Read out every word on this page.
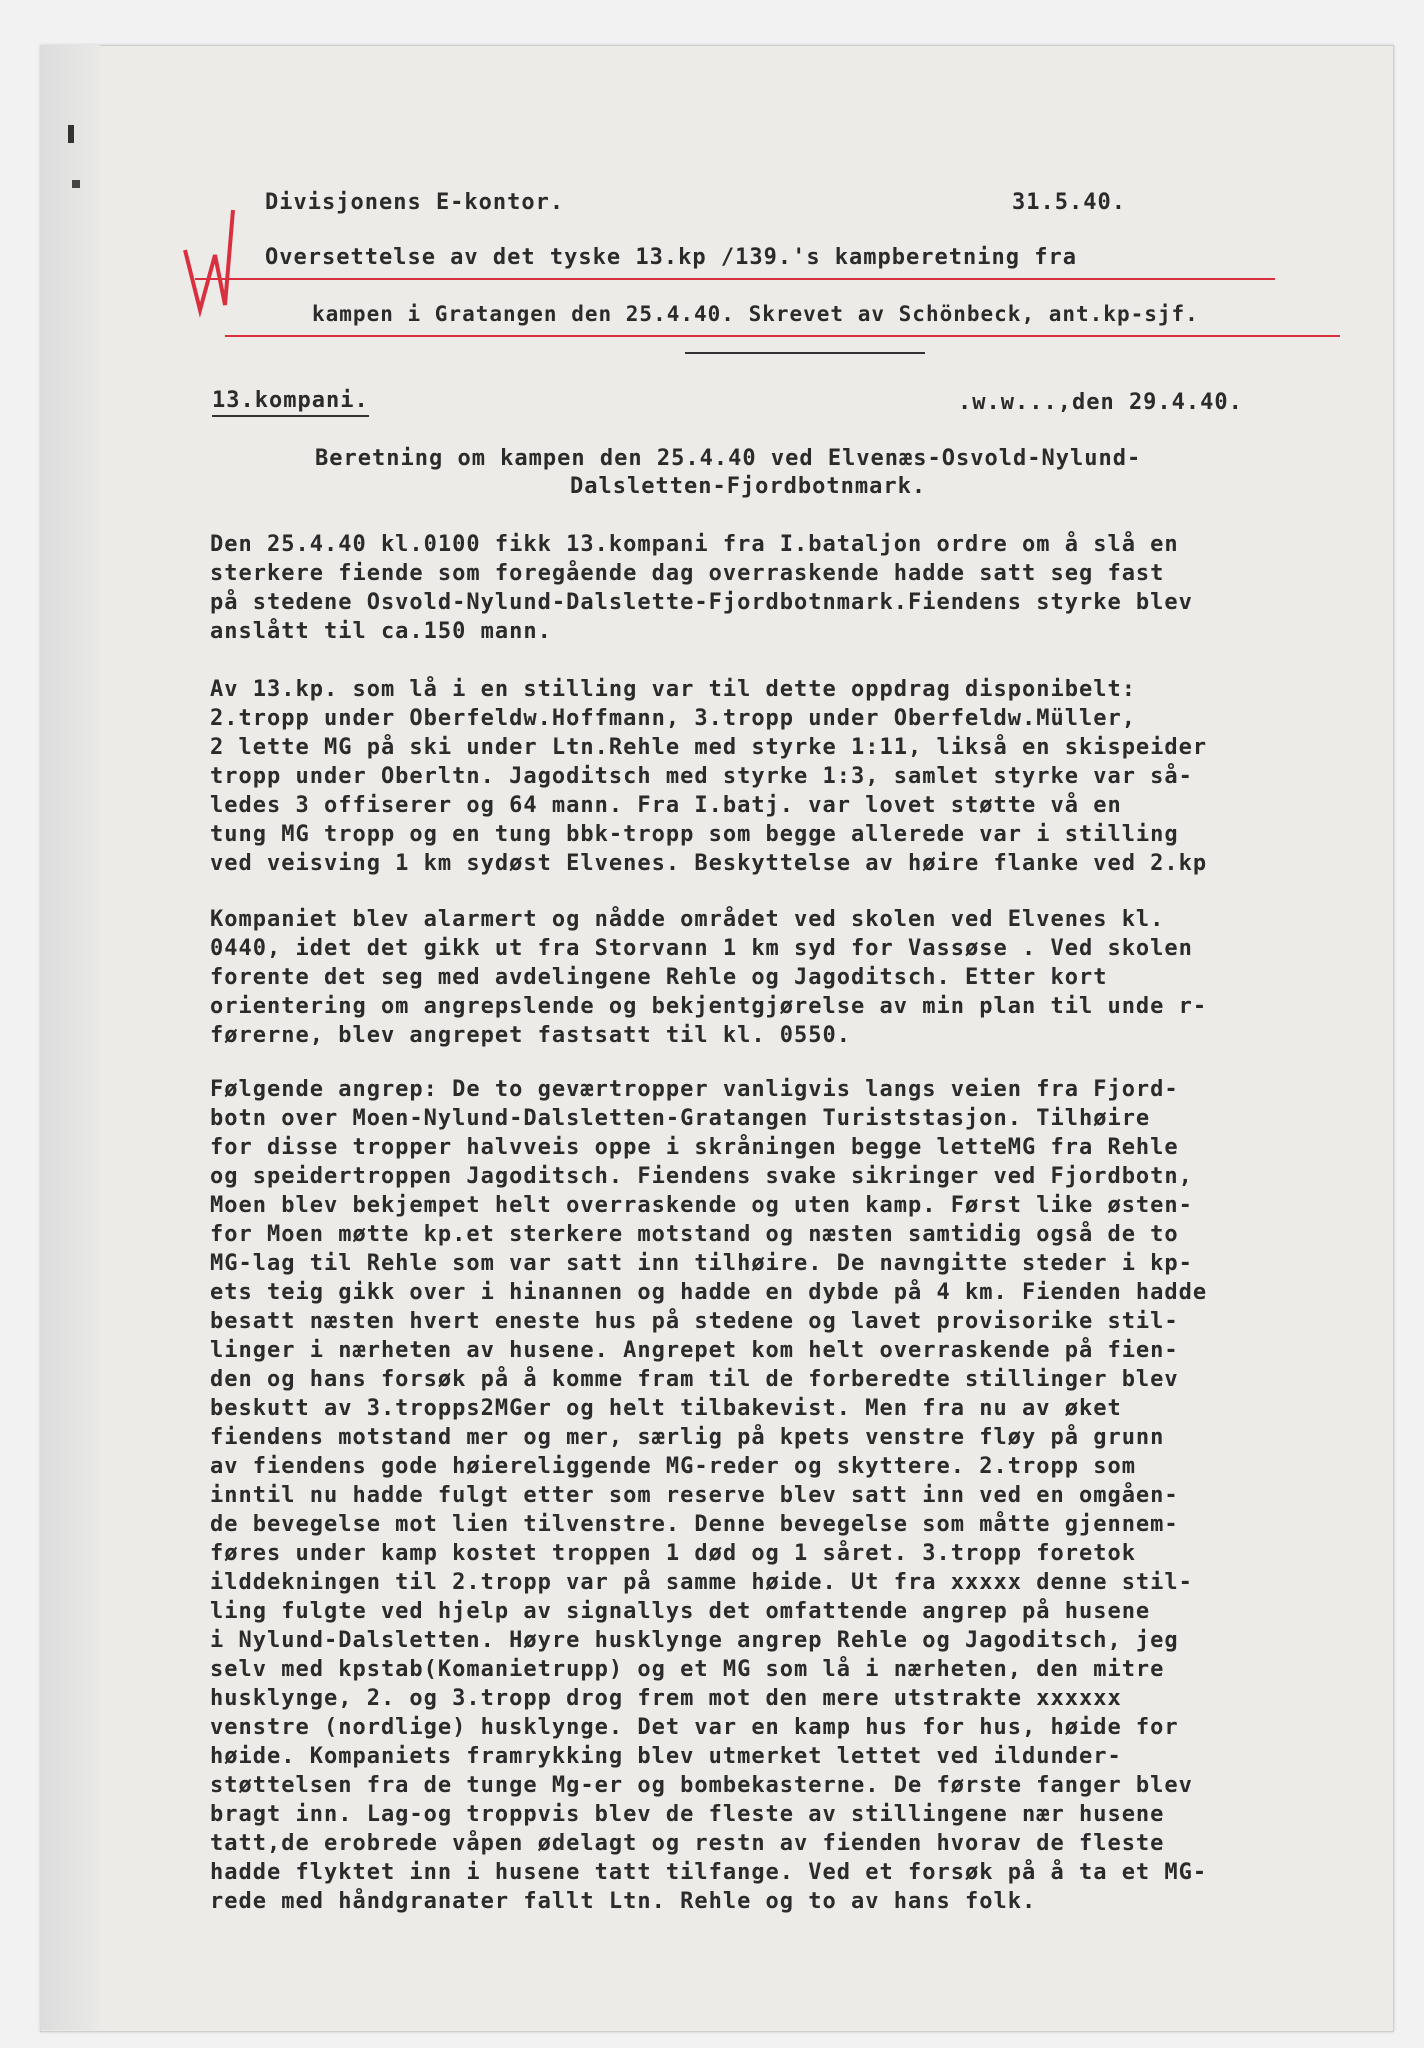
Divisjonens E-kontor.	31.5.40.
Oversettelse av det tyske 13.kp /139.'s kampberetning fra
kampen i Gratangen den 25.4.40. Skrevet av Schönbeck, ant.kp-sjf.
13.kompani.	.w.w...,den 29.4.40.
Beretning om kampen den 25.4.40 ved Elvenæs-Osvold-Nylund-
Dalsletten-Fjordbotnmark.

Den 25.4.40 kl.0100 fikk 13.kompani fra I.bataljon ordre om å slå en

sterkere fiende som foregående dag overraskende hadde satt seg fast

på stedene Osvold-Nylund-Dalslette-Fjordbotnmark.Fiendens styrke blev

anslått til ca.150 mann.

Av 13.kp. som lå i en stilling var til dette oppdrag disponibelt:

2.tropp under Oberfeldw.Hoffmann, 3.tropp under Oberfeldw.Müller,

2 lette MG på ski under Ltn.Rehle med styrke 1:11, likså en skispeider

tropp under Oberltn. Jagoditsch med styrke 1:3, samlet styrke var så-

ledes 3 offiserer og 64 mann. Fra I.batj. var lovet støtte vå en

tung MG tropp og en tung bbk-tropp som begge allerede var i stilling

ved veisving 1 km sydøst Elvenes. Beskyttelse av høire flanke ved 2.kp

Kompaniet blev alarmert og nådde området ved skolen ved Elvenes kl.

0440, idet det gikk ut fra Storvann 1 km syd for Vassøse . Ved skolen

forente det seg med avdelingene Rehle og Jagoditsch. Etter kort

orientering om angrepslende og bekjentgjørelse av min plan til unde r-

førerne, blev angrepet fastsatt til kl. 0550.

Følgende angrep: De to geværtropper vanligvis langs veien fra Fjord-

botn over Moen-Nylund-Dalsletten-Gratangen Turiststasjon. Tilhøire

for disse tropper halvveis oppe i skråningen begge letteMG fra Rehle

og speidertroppen Jagoditsch. Fiendens svake sikringer ved Fjordbotn,

Moen blev bekjempet helt overraskende og uten kamp. Først like østen-

for Moen møtte kp.et sterkere motstand og næsten samtidig også de to

MG-lag til Rehle som var satt inn tilhøire. De navngitte steder i kp-

ets teig gikk over i hinannen og hadde en dybde på 4 km. Fienden hadde

besatt næsten hvert eneste hus på stedene og lavet provisorike stil-

linger i nærheten av husene. Angrepet kom helt overraskende på fien-

den og hans forsøk på å komme fram til de forberedte stillinger blev

beskutt av 3.tropps2MGer og helt tilbakevist. Men fra nu av øket

fiendens motstand mer og mer, særlig på kpets venstre fløy på grunn

av fiendens gode høiereliggende MG-reder og skyttere. 2.tropp som

inntil nu hadde fulgt etter som reserve blev satt inn ved en omgåen-

de bevegelse mot lien tilvenstre. Denne bevegelse som måtte gjennem-

føres under kamp kostet troppen 1 død og 1 såret. 3.tropp foretok

ilddekningen til 2.tropp var på samme høide. Ut fra xxxxx denne stil-

ling fulgte ved hjelp av signallys det omfattende angrep på husene

i Nylund-Dalsletten. Høyre husklynge angrep Rehle og Jagoditsch, jeg

selv med kpstab(Komanietrupp) og et MG som lå i nærheten, den mitre

husklynge, 2. og 3.tropp drog frem mot den mere utstrakte xxxxxx

venstre (nordlige) husklynge. Det var en kamp hus for hus, høide for

høide. Kompaniets framrykking blev utmerket lettet ved ildunder-

støttelsen fra de tunge Mg-er og bombekasterne. De første fanger blev

bragt inn. Lag-og troppvis blev de fleste av stillingene nær husene

tatt,de erobrede våpen ødelagt og restn av fienden hvorav de fleste

hadde flyktet inn i husene tatt tilfange. Ved et forsøk på å ta et MG-

rede med håndgranater fallt Ltn. Rehle og to av hans folk.
